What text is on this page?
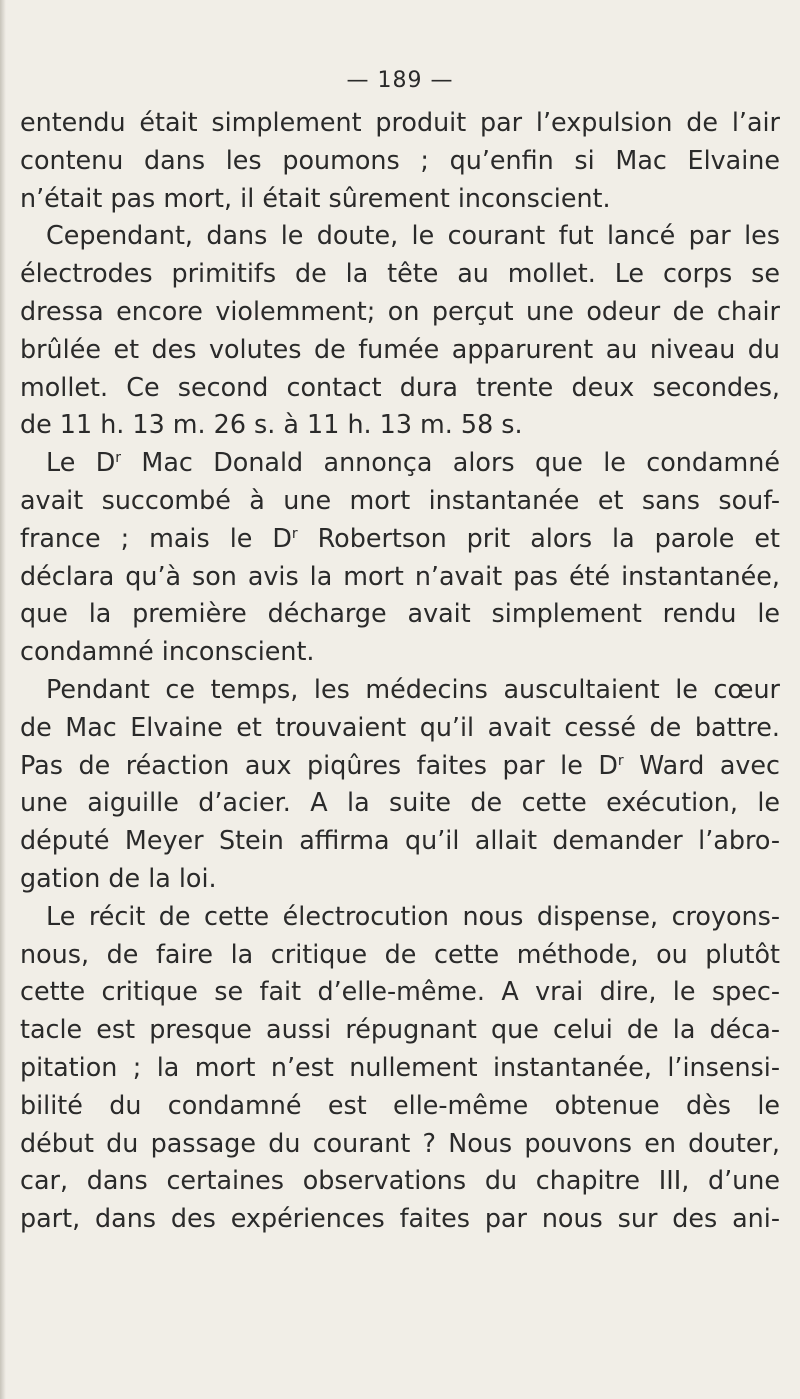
— 189 —
entendu était simplement produit par l’expulsion de l’air
contenu dans les poumons ; qu’enfin si Mac Elvaine
n’était pas mort, il était sûrement inconscient.
Cependant, dans le doute, le courant fut lancé par les
électrodes primitifs de la tête au mollet. Le corps se
dressa encore violemment; on perçut une odeur de chair
brûlée et des volutes de fumée apparurent au niveau du
mollet. Ce second contact dura trente deux secondes,
de 11 h. 13 m. 26 s. à 11 h. 13 m. 58 s.
Le $D^r$ Mac Donald annonça alors que le condamné
avait succombé à une mort instantanée et sans souf-
france ; mais le $D^r$ Robertson prit alors la parole et
déclara qu’à son avis la mort n’avait pas été instantanée,
que la première décharge avait simplement rendu le
condamné inconscient.
Pendant ce temps, les médecins auscultaient le cœur
de Mac Elvaine et trouvaient qu’il avait cessé de battre.
Pas de réaction aux piqûres faites par le $D^r$ Ward avec
une aiguille d’acier. A la suite de cette exécution, le
député Meyer Stein affirma qu’il allait demander l’abro-
gation de la loi.
Le récit de cette électrocution nous dispense, croyons-
nous, de faire la critique de cette méthode, ou plutôt
cette critique se fait d’elle-même. A vrai dire, le spec-
tacle est presque aussi répugnant que celui de la déca-
pitation ; la mort n’est nullement instantanée, l’insensi-
bilité du condamné est elle-même obtenue dès le
début du passage du courant ? Nous pouvons en douter,
car, dans certaines observations du chapitre III, d’une
part, dans des expériences faites par nous sur des ani-
